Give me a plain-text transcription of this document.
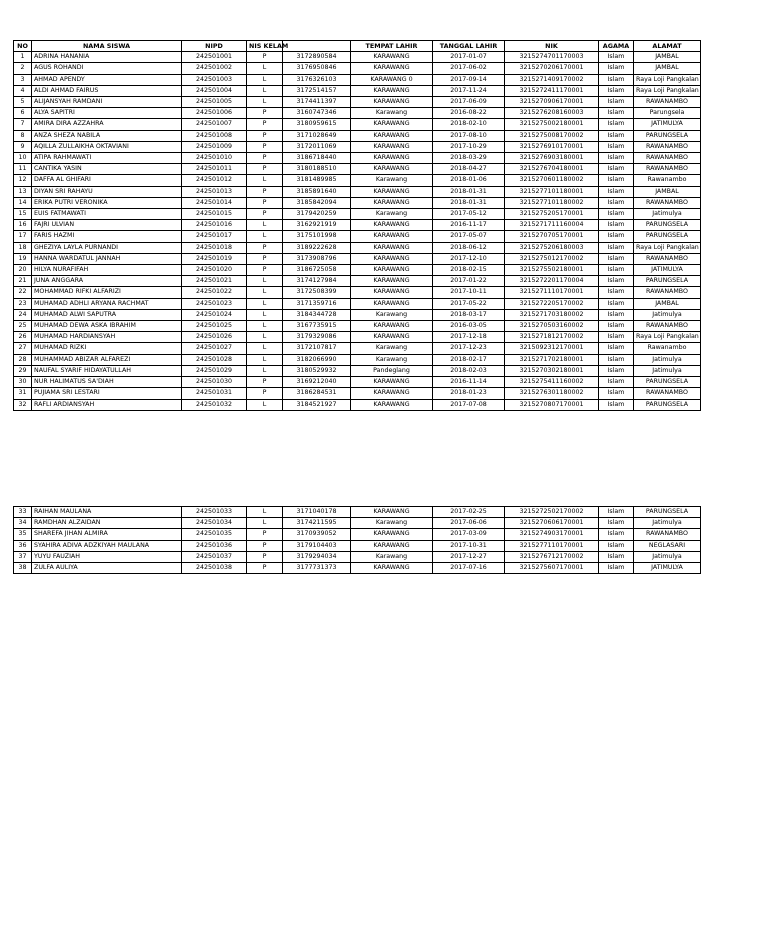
NO	NAMA SISWA	NIPD	NIS KELAM		TEMPAT LAHIR	TANGGAL LAHIR	NIK	AGAMA	ALAMAT
1	ADRINA HANANIA	242501001	P	3172890584	KARAWANG	2017-01-07	3215274701170003	Islam	JAMBAL
2	AGUS ROHANDI	242501002	L	3176950846	KARAWANG	2017-06-02	3215270206170001	Islam	JAMBAL
3	AHMAD APENDY	242501003	L	3176326103	KARAWANG 0	2017-09-14	3215271409170002	Islam	Raya Loji Pangkalan
4	ALDI AHMAD FAIRUS	242501004	L	3172514157	KARAWANG	2017-11-24	3215272411170001	Islam	Raya Loji Pangkalan
5	ALIJANSYAH RAMDANI	242501005	L	3174411397	KARAWANG	2017-06-09	3215270906170001	Islam	RAWANAMBO
6	ALYA SAPITRI	242501006	P	3160747346	Karawang	2016-08-22	3215276208160003	Islam	Parungsela
7	AMIRA DIRA AZZAHRA	242501007	P	3180959615	KARAWANG	2018-02-10	3215275002180001	Islam	JATIMULYA
8	ANZA SHEZA NABILA	242501008	P	3171028649	KARAWANG	2017-08-10	3215275008170002	Islam	PARUNGSELA
9	AQILLA ZULLAIKHA OKTAVIANI	242501009	P	3172011069	KARAWANG	2017-10-29	3215276910170001	Islam	RAWANAMBO
10	ATIPA RAHMAWATI	242501010	P	3186718440	KARAWANG	2018-03-29	3215276903180001	Islam	RAWANAMBO
11	CANTIKA YASIN	242501011	P	3180188510	KARAWANG	2018-04-27	3215276704180001	Islam	RAWANAMBO
12	DAFFA AL GHIFARI	242501012	L	3181489985	Karawang	2018-01-06	3215270601180002	Islam	Rawanambo
13	DIYAN SRI RAHAYU	242501013	P	3185891640	KARAWANG	2018-01-31	3215277101180001	Islam	JAMBAL
14	ERIKA PUTRI VERONIKA	242501014	P	3185842094	KARAWANG	2018-01-31	3215277101180002	Islam	RAWANAMBO
15	EUIS FATMAWATI	242501015	P	3179420259	Karawang	2017-05-12	3215275205170001	Islam	Jatimulya
16	FAJRI ULVIAN	242501016	L	3162921919	KARAWANG	2016-11-17	3215271711160004	Islam	PARUNGSELA
17	FARIS HAZMI	242501017	L	3175101998	KARAWANG	2017-05-07	3215270705170001	Islam	PARUNGSELA
18	GHEZIYA LAYLA PURNANDI	242501018	P	3189222628	KARAWANG	2018-06-12	3215275206180003	Islam	Raya Loji Pangkalan
19	HANNA WARDATUL JANNAH	242501019	P	3173908796	KARAWANG	2017-12-10	3215275012170002	Islam	RAWANAMBO
20	HILYA NURAFIFAH	242501020	P	3186725058	KARAWANG	2018-02-15	3215275502180001	Islam	JATIMULYA
21	JUNA ANGGARA	242501021	L	3174127984	KARAWANG	2017-01-22	3215272201170004	Islam	PARUNGSELA
22	MOHAMMAD RIFKI ALFARIZI	242501022	L	3172508399	KARAWANG	2017-10-11	3215271110170001	Islam	RAWANAMBO
23	MUHAMAD ADHLI ARYANA RACHMAT	242501023	L	3171359716	KARAWANG	2017-05-22	3215272205170002	Islam	JAMBAL
24	MUHAMAD ALWI SAPUTRA	242501024	L	3184344728	Karawang	2018-03-17	3215271703180002	Islam	Jatimulya
25	MUHAMAD DEWA ASKA IBRAHIM	242501025	L	3167735915	KARAWANG	2016-03-05	3215270503160002	Islam	RAWANAMBO
26	MUHAMAD HARDIANSYAH	242501026	L	3179329086	KARAWANG	2017-12-18	3215271812170002	Islam	Raya Loji Pangkalan
27	MUHAMAD RIZKI	242501027	L	3172107817	Karawang	2017-12-23	3215092312170001	Islam	Rawanambo
28	MUHAMMAD ABIZAR ALFAREZI	242501028	L	3182066990	Karawang	2018-02-17	3215271702180001	Islam	Jatimulya
29	NAUFAL SYARIF HIDAYATULLAH	242501029	L	3180529932	Pandeglang	2018-02-03	3215270302180001	Islam	Jatimulya
30	NUR HALIMATUS SA'DIAH	242501030	P	3169212040	KARAWANG	2016-11-14	3215275411160002	Islam	PARUNGSELA
31	PUJIAMA SRI LESTARI	242501031	P	3186284531	KARAWANG	2018-01-23	3215276301180002	Islam	RAWANAMBO
32	RAFLI ARDIANSYAH	242501032	L	3184521927	KARAWANG	2017-07-08	3215270807170001	Islam	PARUNGSELA
33	RAIHAN MAULANA	242501033	L	3171040178	KARAWANG	2017-02-25	3215272502170002	Islam	PARUNGSELA
34	RAMDHAN ALZAIDAN	242501034	L	3174211595	Karawang	2017-06-06	3215270606170001	Islam	Jatimulya
35	SHAREFA JIHAN ALMIRA	242501035	P	3170939052	KARAWANG	2017-03-09	3215274903170001	Islam	RAWANAMBO
36	SYAHIRA ADIVA ADZKIYAH MAULANA	242501036	P	3179104403	KARAWANG	2017-10-31	3215277110170001	Islam	NEGLASARI
37	YUYU FAUZIAH	242501037	P	3179294034	Karawang	2017-12-27	3215276712170002	Islam	Jatimulya
38	ZULFA AULIYA	242501038	P	3177731373	KARAWANG	2017-07-16	3215275607170001	Islam	JATIMULYA
